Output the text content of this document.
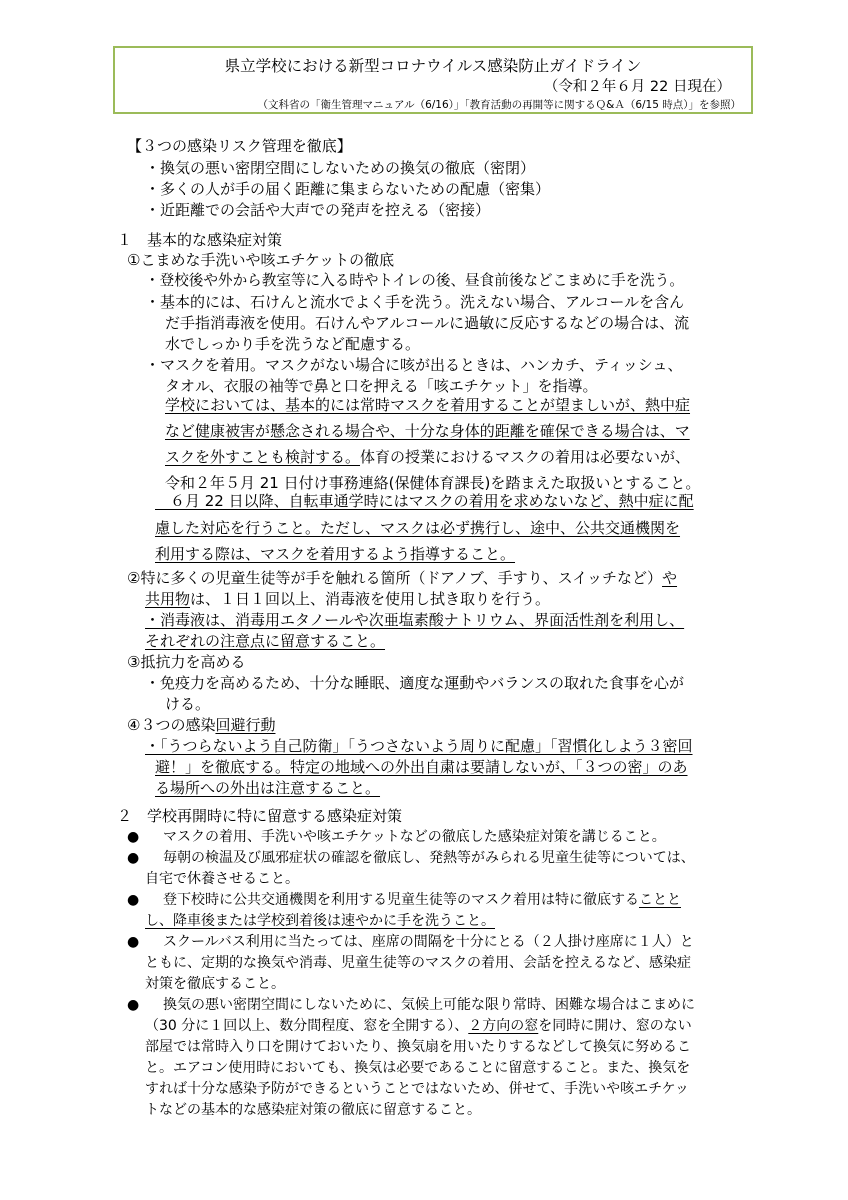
県立学校における新型コロナウイルス感染防止ガイドライン
（令和２年６月 22 日現在）
（文科省の「衛生管理マニュアル（6/16）」「教育活動の再開等に関するＱ&Ａ（6/15 時点）」を参照）
【３つの感染リスク管理を徹底】
・換気の悪い密閉空間にしないための換気の徹底（密閉）
・多くの人が手の届く距離に集まらないための配慮（密集）
・近距離での会話や大声での発声を控える（密接）
１　基本的な感染症対策
①こまめな手洗いや咳エチケットの徹底
・登校後や外から教室等に入る時やトイレの後、昼食前後などこまめに手を洗う。
・基本的には、石けんと流水でよく手を洗う。洗えない場合、アルコールを含ん
だ手指消毒液を使用。石けんやアルコールに過敏に反応するなどの場合は、流
水でしっかり手を洗うなど配慮する。
・マスクを着用。マスクがない場合に咳が出るときは、ハンカチ、ティッシュ、
タオル、衣服の袖等で鼻と口を押える「咳エチケット」を指導。
学校においては、基本的には常時マスクを着用することが望ましいが、熱中症
など健康被害が懸念される場合や、十分な身体的距離を確保できる場合は、マ
スクを外すことも検討する。体育の授業におけるマスクの着用は必要ないが、
令和２年５月 21 日付け事務連絡(保健体育課長)を踏まえた取扱いとすること。
　６月 22 日以降、自転車通学時にはマスクの着用を求めないなど、熱中症に配
慮した対応を行うこと。ただし、マスクは必ず携行し、途中、公共交通機関を
利用する際は、マスクを着用するよう指導すること。
②特に多くの児童生徒等が手を触れる箇所（ドアノブ、手すり、スイッチなど）や
共用物は、１日１回以上、消毒液を使用し拭き取りを行う。
・消毒液は、消毒用エタノールや次亜塩素酸ナトリウム、界面活性剤を利用し、
それぞれの注意点に留意すること。
③抵抗力を高める
・免疫力を高めるため、十分な睡眠、適度な運動やバランスの取れた食事を心が
ける。
④３つの感染回避行動
・「うつらないよう自己防衛」「うつさないよう周りに配慮」「習慣化しよう３密回
避！」を徹底する。特定の地域への外出自粛は要請しないが、「３つの密」のあ
る場所への外出は注意すること。
２　学校再開時に特に留意する感染症対策
● マスクの着用、手洗いや咳エチケットなどの徹底した感染症対策を講じること。
● 毎朝の検温及び風邪症状の確認を徹底し、発熱等がみられる児童生徒等については、
自宅で休養させること。
● 登下校時に公共交通機関を利用する児童生徒等のマスク着用は特に徹底することと
し、降車後または学校到着後は速やかに手を洗うこと。
● スクールバス利用に当たっては、座席の間隔を十分にとる（２人掛け座席に１人）と
ともに、定期的な換気や消毒、児童生徒等のマスクの着用、会話を控えるなど、感染症
対策を徹底すること。
● 換気の悪い密閉空間にしないために、気候上可能な限り常時、困難な場合はこまめに
（30 分に１回以上、数分間程度、窓を全開する）、２方向の窓を同時に開け、窓のない
部屋では常時入り口を開けておいたり、換気扇を用いたりするなどして換気に努めるこ
と。エアコン使用時においても、換気は必要であることに留意すること。また、換気を
すれば十分な感染予防ができるということではないため、併せて、手洗いや咳エチケッ
トなどの基本的な感染症対策の徹底に留意すること。
